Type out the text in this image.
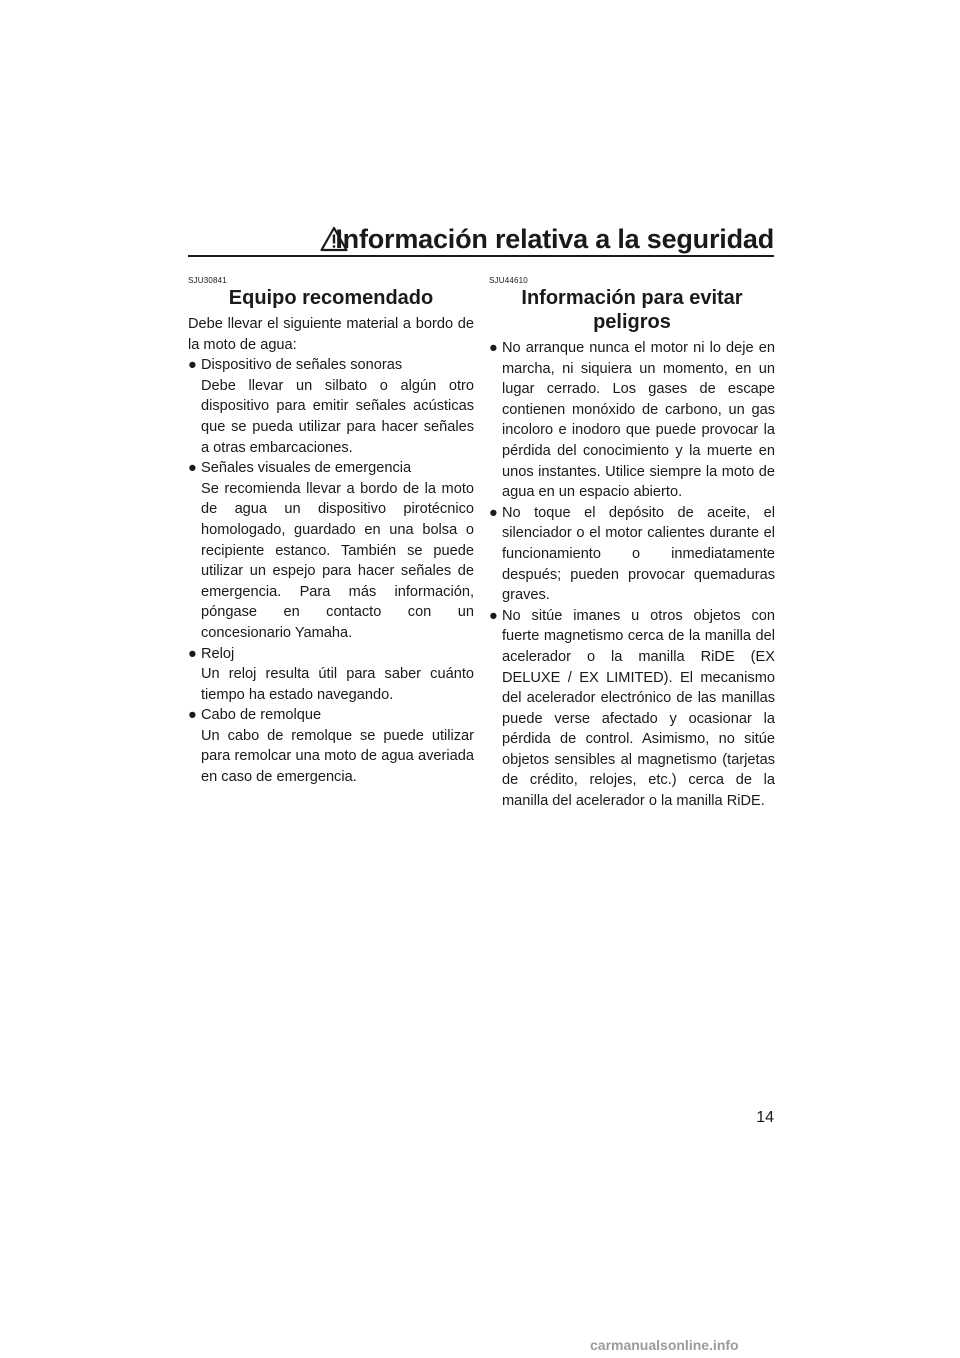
Información relativa a la seguridad
SJU30841
Equipo recomendado

Debe llevar el siguiente material a bordo de la moto de agua:

● Dispositivo de señales sonoras
Debe llevar un silbato o algún otro dispositivo para emitir señales acústicas que se pueda utilizar para hacer señales a otras embarcaciones.
● Señales visuales de emergencia
Se recomienda llevar a bordo de la moto de agua un dispositivo pirotécnico homologado, guardado en una bolsa o recipiente estanco. También se puede utilizar un espejo para hacer señales de emergencia. Para más información, póngase en contacto con un concesionario Yamaha.
● Reloj
Un reloj resulta útil para saber cuánto tiempo ha estado navegando.
● Cabo de remolque
Un cabo de remolque se puede utilizar para remolcar una moto de agua averiada en caso de emergencia.
SJU44610
Información para evitar
peligros
● No arranque nunca el motor ni lo deje en marcha, ni siquiera un momento, en un lugar cerrado. Los gases de escape contienen monóxido de carbono, un gas incoloro e inodoro que puede provocar la pérdida del conocimiento y la muerte en unos instantes. Utilice siempre la moto de agua en un espacio abierto.
● No toque el depósito de aceite, el silenciador o el motor calientes durante el funcionamiento o inmediatamente después; pueden provocar quemaduras graves.
● No sitúe imanes u otros objetos con fuerte magnetismo cerca de la manilla del acelerador o la manilla RiDE (EX DELUXE / EX LIMITED). El mecanismo del acelerador electrónico de las manillas puede verse afectado y ocasionar la pérdida de control. Asimismo, no sitúe objetos sensibles al magnetismo (tarjetas de crédito, relojes, etc.) cerca de la manilla del acelerador o la manilla RiDE.
14
carmanualsonline.info
